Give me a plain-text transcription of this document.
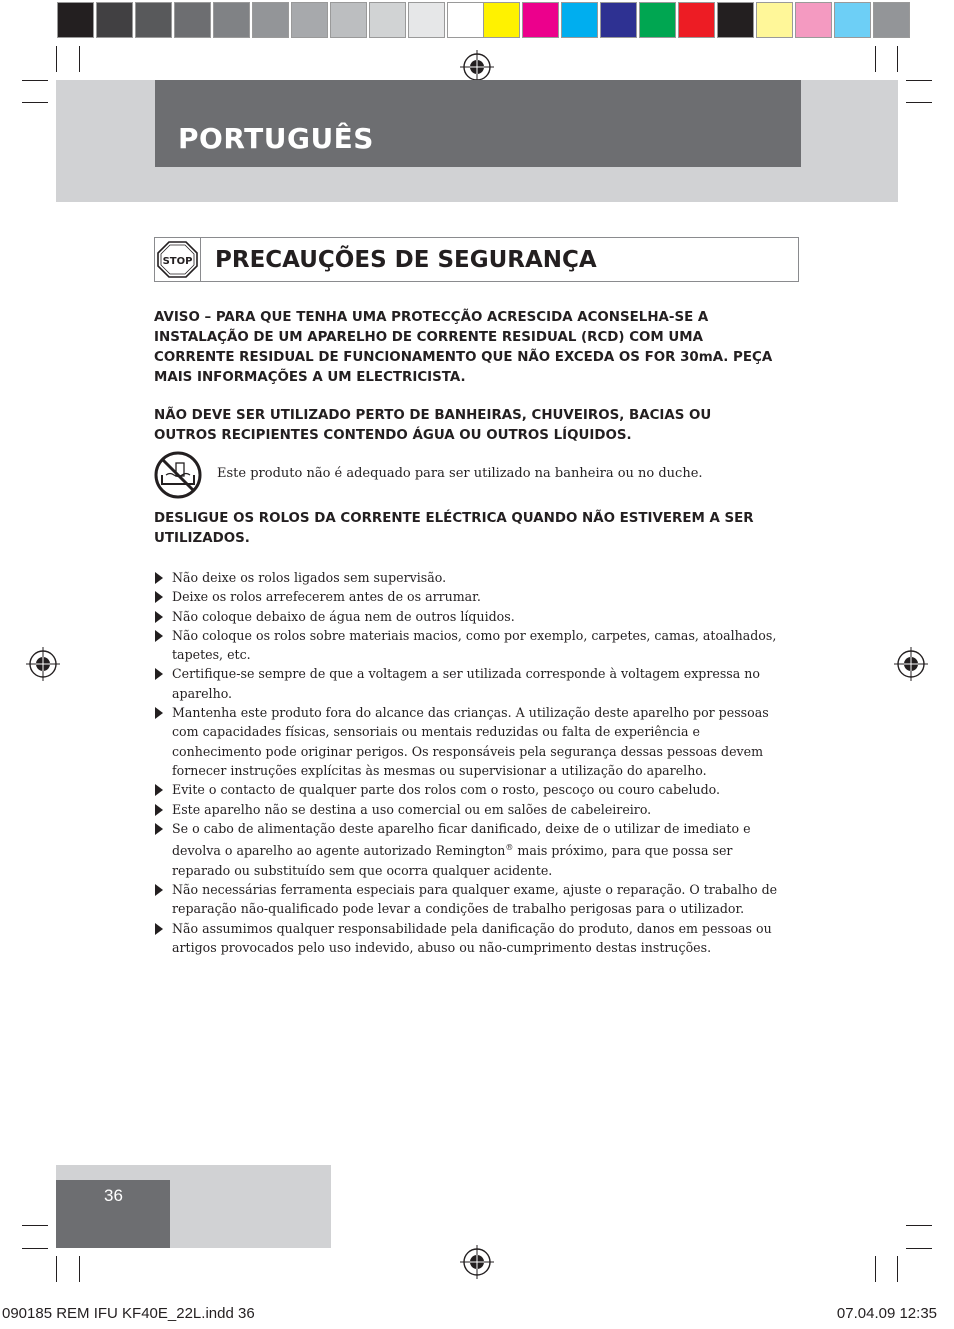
PORTUGUÊS
STOP PRECAUÇÕES DE SEGURANÇA

AVISO – PARA QUE TENHA UMA PROTECÇÃO ACRESCIDA ACONSELHA-SE A INSTALAÇÃO DE UM APARELHO DE CORRENTE RESIDUAL (RCD) COM UMA CORRENTE RESIDUAL DE FUNCIONAMENTO QUE NÃO EXCEDA OS FOR 30mA. PEÇA MAIS INFORMAÇÕES A UM ELECTRICISTA.

NÃO DEVE SER UTILIZADO PERTO DE BANHEIRAS, CHUVEIROS, BACIAS OU OUTROS RECIPIENTES CONTENDO ÁGUA OU OUTROS LÍQUIDOS.

Este produto não é adequado para ser utilizado na banheira ou no duche.

DESLIGUE OS ROLOS DA CORRENTE ELÉCTRICA QUANDO NÃO ESTIVEREM A SER UTILIZADOS.

Não deixe os rolos ligados sem supervisão.
Deixe os rolos arrefecerem antes de os arrumar.
Não coloque debaixo de água nem de outros líquidos.
Não coloque os rolos sobre materiais macios, como por exemplo, carpetes, camas, atoalhados, tapetes, etc.
Certifique-se sempre de que a voltagem a ser utilizada corresponde à voltagem expressa no aparelho.
Mantenha este produto fora do alcance das crianças. A utilização deste aparelho por pessoas com capacidades físicas, sensoriais ou mentais reduzidas ou falta de experiência e conhecimento pode originar perigos. Os responsáveis pela segurança dessas pessoas devem fornecer instruções explícitas às mesmas ou supervisionar a utilização do aparelho.
Evite o contacto de qualquer parte dos rolos com o rosto, pescoço ou couro cabeludo.
Este aparelho não se destina a uso comercial ou em salões de cabeleireiro.
Se o cabo de alimentação deste aparelho ficar danificado, deixe de o utilizar de imediato e devolva o aparelho ao agente autorizado Remington® mais próximo, para que possa ser reparado ou substituído sem que ocorra qualquer acidente.
Não necessárias ferramenta especiais para qualquer exame, ajuste o reparação. O trabalho de reparação não-qualificado pode levar a condições de trabalho perigosas para o utilizador.
Não assumimos qualquer responsabilidade pela danificação do produto, danos em pessoas ou artigos provocados pelo uso indevido, abuso ou não-cumprimento destas instruções.
36
090185 REM IFU KF40E_22L.indd 36	07.04.09 12:35
